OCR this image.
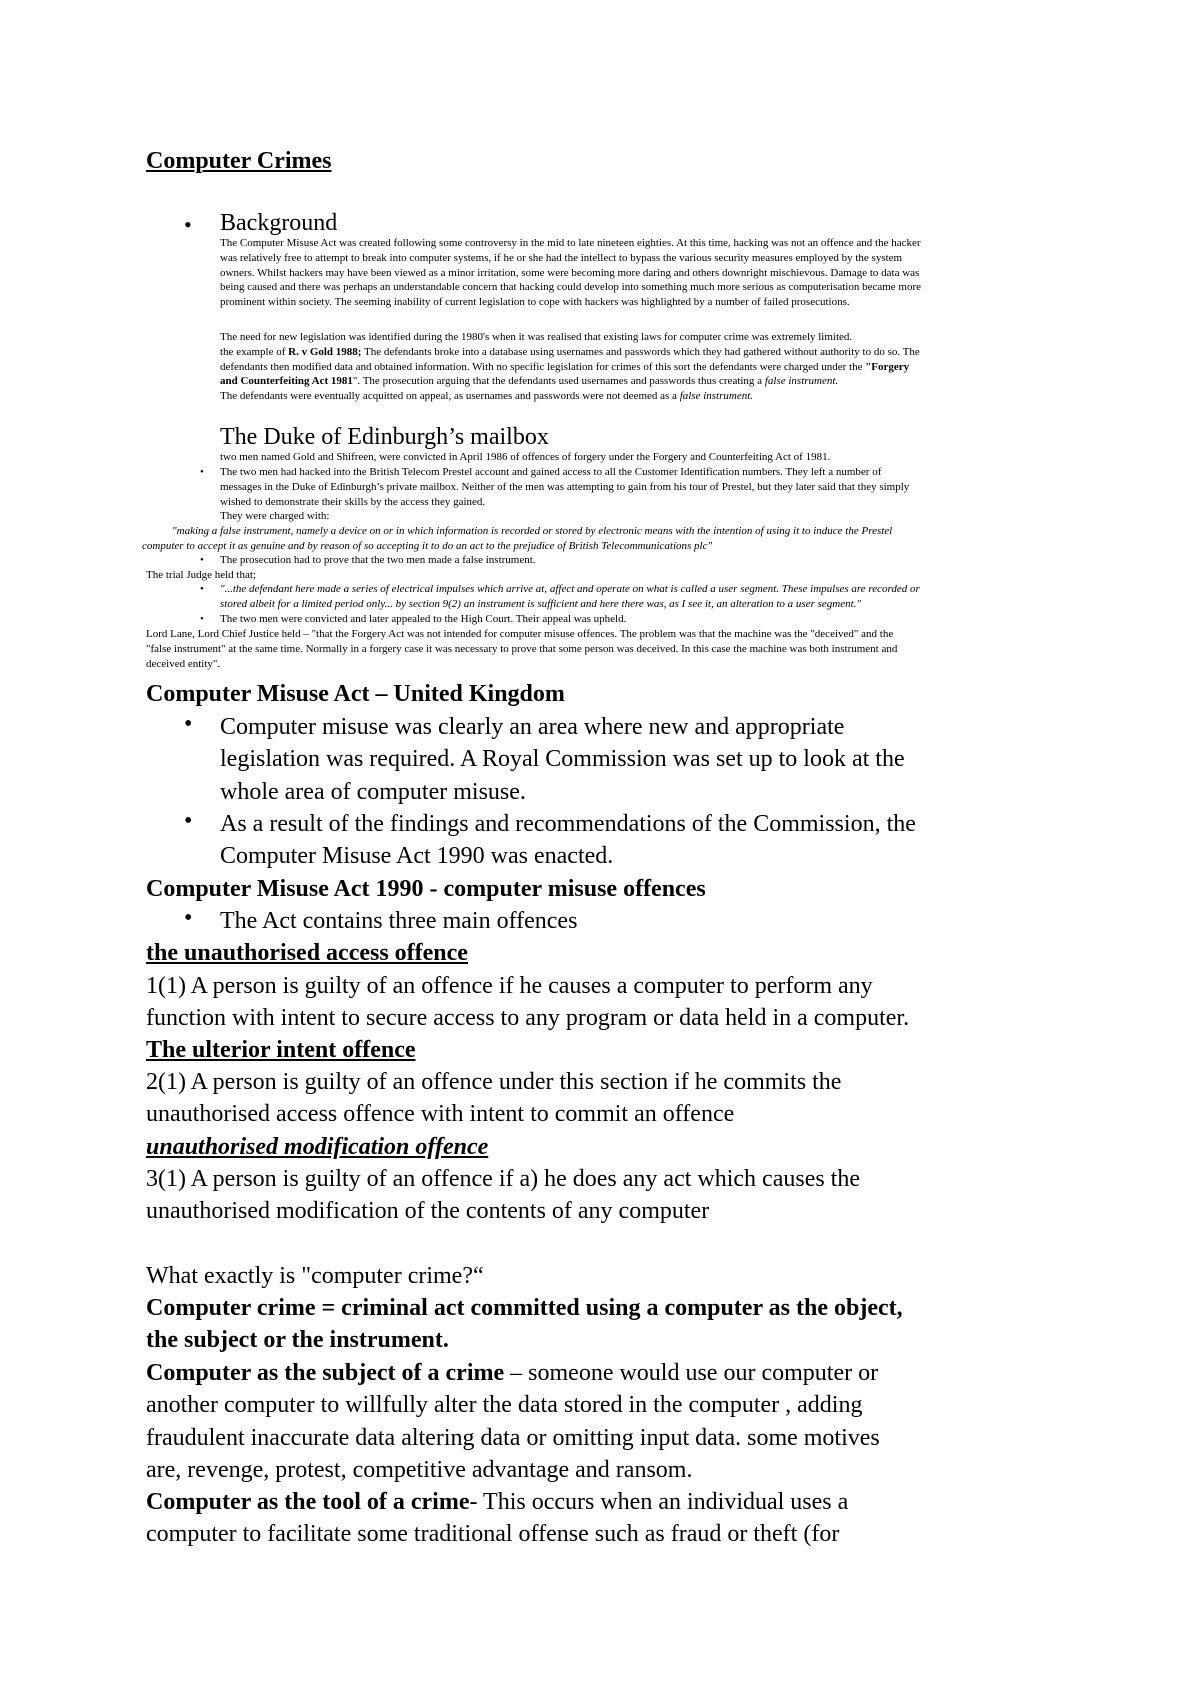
Computer Crimes
• Background
The Computer Misuse Act was created following some controversy in the mid to late nineteen eighties. At this time, hacking was not an offence and the hacker
was relatively free to attempt to break into computer systems, if he or she had the intellect to bypass the various security measures employed by the system
owners. Whilst hackers may have been viewed as a minor irritation, some were becoming more daring and others downright mischievous. Damage to data was
being caused and there was perhaps an understandable concern that hacking could develop into something much more serious as computerisation became more
prominent within society. The seeming inability of current legislation to cope with hackers was highlighted by a number of failed prosecutions.
The need for new legislation was identified during the 1980's when it was realised that existing laws for computer crime was extremely limited.
the example of R. v Gold 1988; The defendants broke into a database using usernames and passwords which they had gathered without authority to do so. The
defendants then modified data and obtained information. With no specific legislation for crimes of this sort the defendants were charged under the "Forgery
and Counterfeiting Act 1981". The prosecution arguing that the defendants used usernames and passwords thus creating a false instrument.
The defendants were eventually acquitted on appeal, as usernames and passwords were not deemed as a false instrument.
The Duke of Edinburgh’s mailbox
two men named Gold and Shifreen, were convicted in April 1986 of offences of forgery under the Forgery and Counterfeiting Act of 1981.
• The two men had hacked into the British Telecom Prestel account and gained access to all the Customer Identification numbers. They left a number of
messages in the Duke of Edinburgh’s private mailbox. Neither of the men was attempting to gain from his tour of Prestel, but they later said that they simply
wished to demonstrate their skills by the access they gained.
They were charged with:
"making a false instrument, namely a device on or in which information is recorded or stored by electronic means with the intention of using it to induce the Prestel
computer to accept it as genuine and by reason of so accepting it to do an act to the prejudice of British Telecommunications plc"
• The prosecution had to prove that the two men made a false instrument.
The trial Judge held that;
• "...the defendant here made a series of electrical impulses which arrive at, affect and operate on what is called a user segment. These impulses are recorded or
stored albeit for a limited period only... by section 9(2) an instrument is sufficient and here there was, as I see it, an alteration to a user segment."
• The two men were convicted and later appealed to the High Court. Their appeal was upheld.
Lord Lane, Lord Chief Justice held – "that the Forgery Act was not intended for computer misuse offences. The problem was that the machine was the "deceived" and the
"false instrument" at the same time. Normally in a forgery case it was necessary to prove that some person was deceived. In this case the machine was both instrument and
deceived entity".
Computer Misuse Act – United Kingdom
• Computer misuse was clearly an area where new and appropriate
legislation was required. A Royal Commission was set up to look at the
whole area of computer misuse.
• As a result of the findings and recommendations of the Commission, the
Computer Misuse Act 1990 was enacted.
Computer Misuse Act 1990 - computer misuse offences
• The Act contains three main offences
the unauthorised access offence
1(1) A person is guilty of an offence if he causes a computer to perform any
function with intent to secure access to any program or data held in a computer.
The ulterior intent offence
2(1) A person is guilty of an offence under this section if he commits the
unauthorised access offence with intent to commit an offence
unauthorised modification offence
3(1) A person is guilty of an offence if a) he does any act which causes the
unauthorised modification of the contents of any computer
What exactly is "computer crime?“
Computer crime = criminal act committed using a computer as the object,
the subject or the instrument.
Computer as the subject of a crime – someone would use our computer or
another computer to willfully alter the data stored in the computer , adding
fraudulent inaccurate data altering data or omitting input data. some motives
are, revenge, protest, competitive advantage and ransom.
Computer as the tool of a crime- This occurs when an individual uses a
computer to facilitate some traditional offense such as fraud or theft (for
